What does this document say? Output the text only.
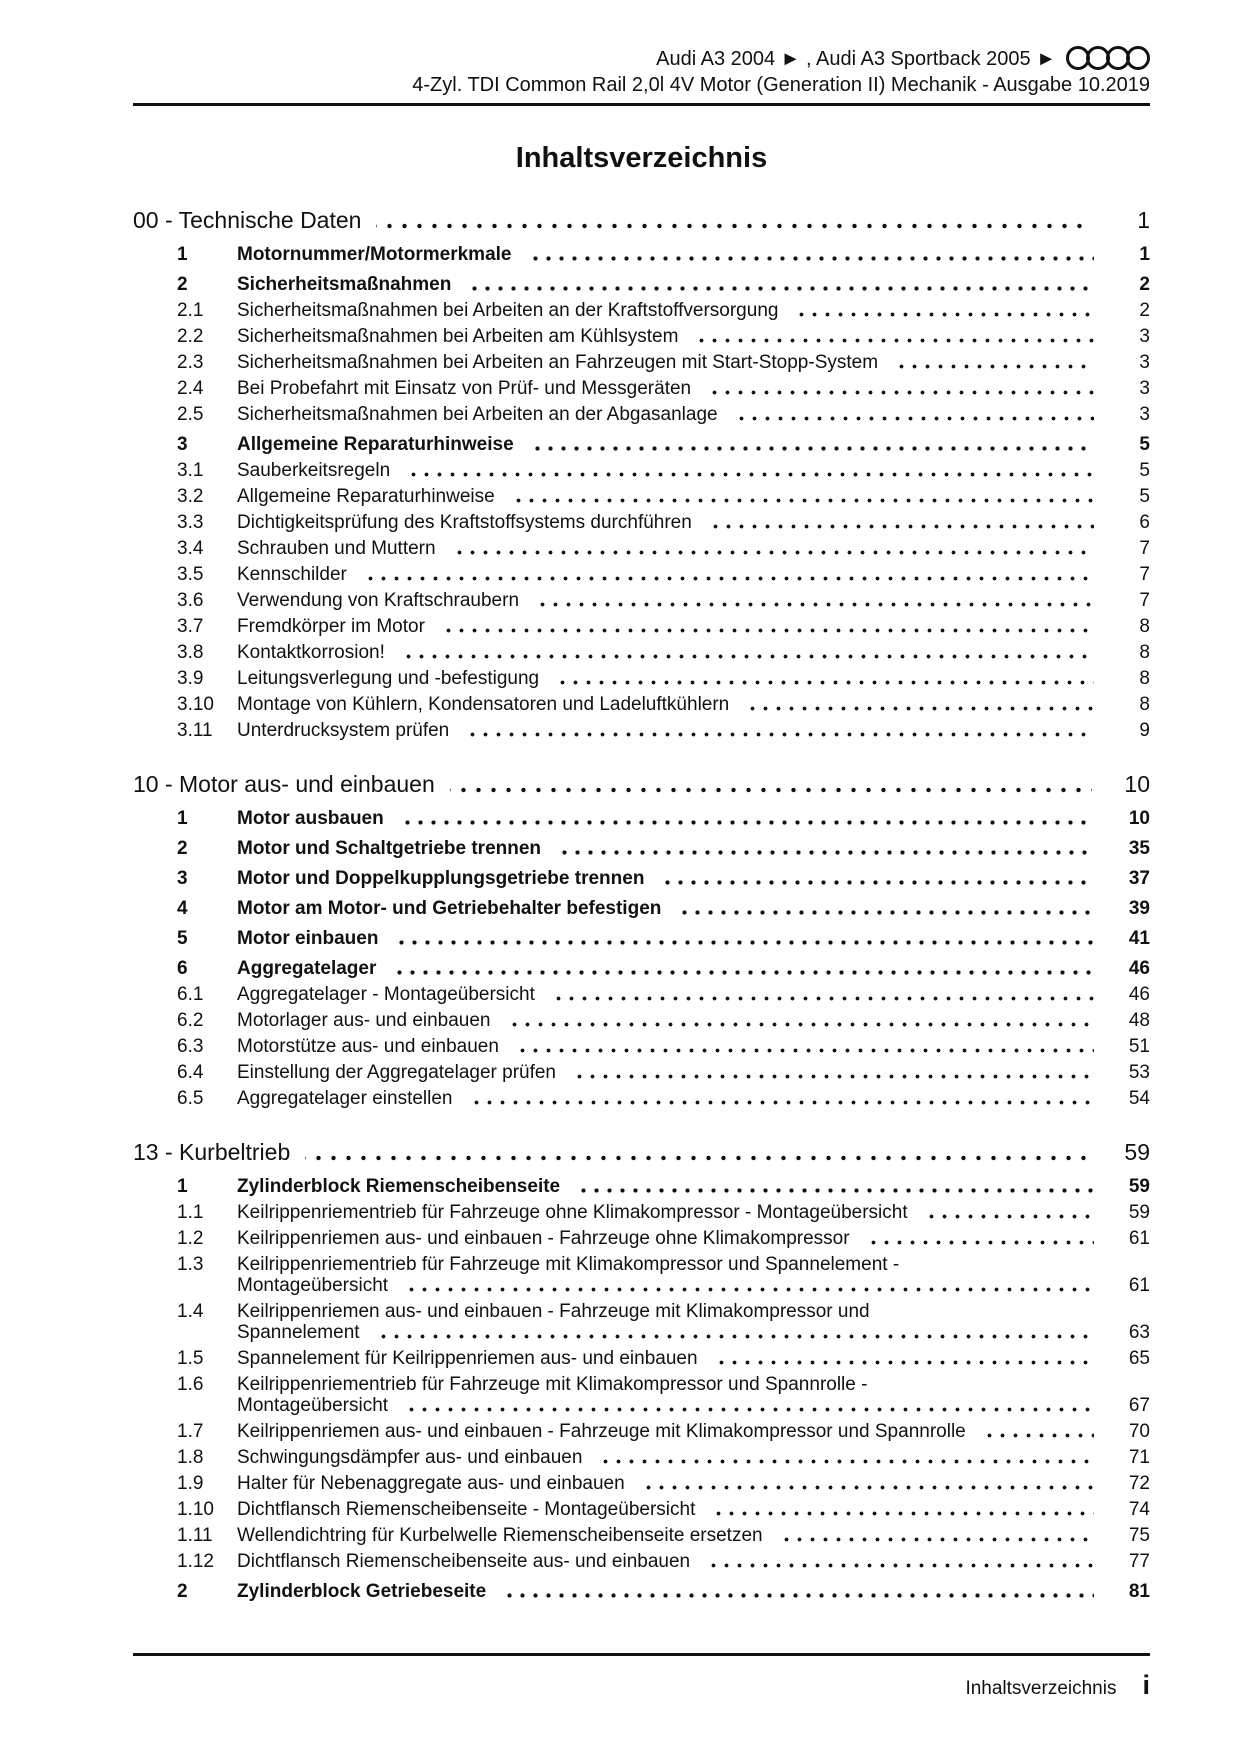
Audi A3 2004 ► , Audi A3 Sportback 2005 ►
4-Zyl. TDI Common Rail 2,0l 4V Motor (Generation II) Mechanik - Ausgabe 10.2019
Inhaltsverzeichnis
00 - Technische Daten	1
1	Motornummer/Motormerkmale	1
2	Sicherheitsmaßnahmen	2
2.1	Sicherheitsmaßnahmen bei Arbeiten an der Kraftstoffversorgung	2
2.2	Sicherheitsmaßnahmen bei Arbeiten am Kühlsystem	3
2.3	Sicherheitsmaßnahmen bei Arbeiten an Fahrzeugen mit Start-Stopp-System	3
2.4	Bei Probefahrt mit Einsatz von Prüf- und Messgeräten	3
2.5	Sicherheitsmaßnahmen bei Arbeiten an der Abgasanlage	3
3	Allgemeine Reparaturhinweise	5
3.1	Sauberkeitsregeln	5
3.2	Allgemeine Reparaturhinweise	5
3.3	Dichtigkeitsprüfung des Kraftstoffsystems durchführen	6
3.4	Schrauben und Muttern	7
3.5	Kennschilder	7
3.6	Verwendung von Kraftschraubern	7
3.7	Fremdkörper im Motor	8
3.8	Kontaktkorrosion!	8
3.9	Leitungsverlegung und -befestigung	8
3.10	Montage von Kühlern, Kondensatoren und Ladeluftkühlern	8
3.11	Unterdrucksystem prüfen	9
10 - Motor aus- und einbauen	10
1	Motor ausbauen	10
2	Motor und Schaltgetriebe trennen	35
3	Motor und Doppelkupplungsgetriebe trennen	37
4	Motor am Motor- und Getriebehalter befestigen	39
5	Motor einbauen	41
6	Aggregatelager	46
6.1	Aggregatelager - Montageübersicht	46
6.2	Motorlager aus- und einbauen	48
6.3	Motorstütze aus- und einbauen	51
6.4	Einstellung der Aggregatelager prüfen	53
6.5	Aggregatelager einstellen	54
13 - Kurbeltrieb	59
1	Zylinderblock Riemenscheibenseite	59
1.1	Keilrippenriementrieb für Fahrzeuge ohne Klimakompressor - Montageübersicht	59
1.2	Keilrippenriemen aus- und einbauen - Fahrzeuge ohne Klimakompressor	61
1.3	Keilrippenriementrieb für Fahrzeuge mit Klimakompressor und Spannelement -
Montageübersicht	61
1.4	Keilrippenriemen aus- und einbauen - Fahrzeuge mit Klimakompressor und
Spannelement	63
1.5	Spannelement für Keilrippenriemen aus- und einbauen	65
1.6	Keilrippenriementrieb für Fahrzeuge mit Klimakompressor und Spannrolle -
Montageübersicht	67
1.7	Keilrippenriemen aus- und einbauen - Fahrzeuge mit Klimakompressor und Spannrolle	70
1.8	Schwingungsdämpfer aus- und einbauen	71
1.9	Halter für Nebenaggregate aus- und einbauen	72
1.10	Dichtflansch Riemenscheibenseite - Montageübersicht	74
1.11	Wellendichtring für Kurbelwelle Riemenscheibenseite ersetzen	75
1.12	Dichtflansch Riemenscheibenseite aus- und einbauen	77
2	Zylinderblock Getriebeseite	81
Inhaltsverzeichnis i
